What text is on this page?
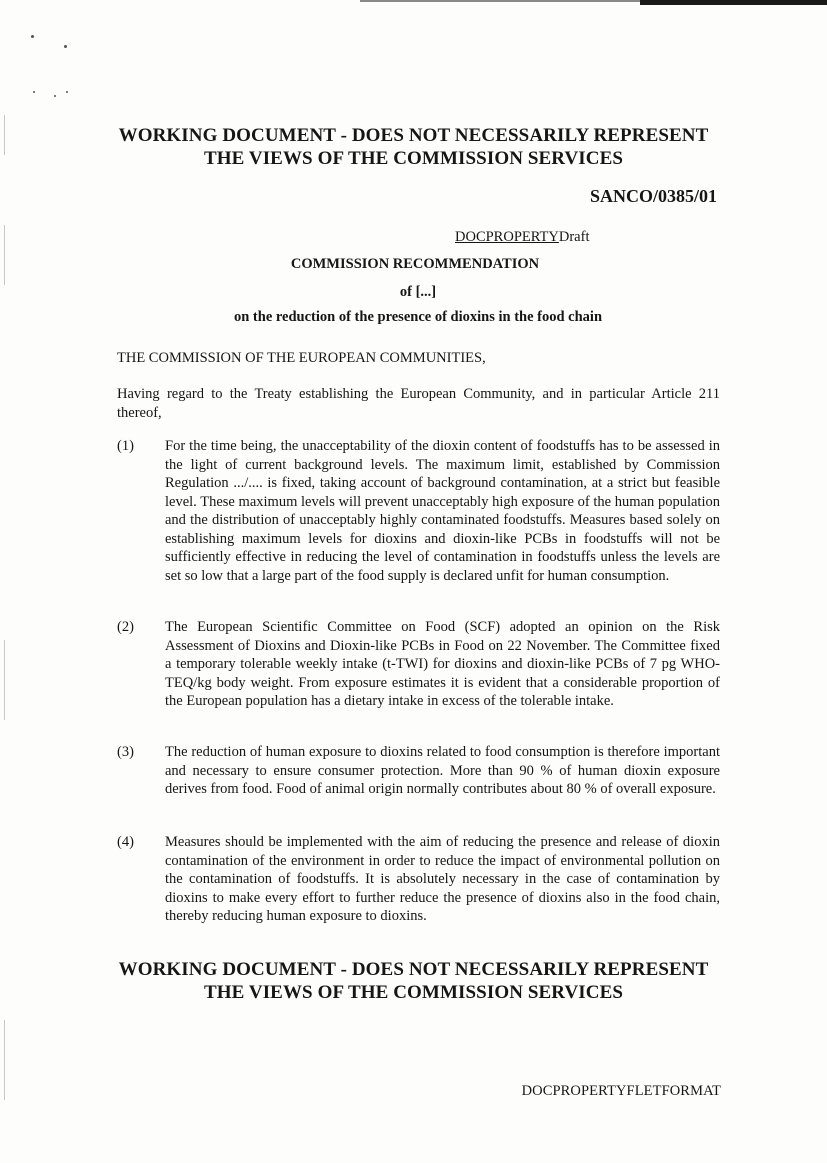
WORKING DOCUMENT - DOES NOT NECESSARILY REPRESENT
THE VIEWS OF THE COMMISSION SERVICES
SANCO/0385/01
DOCPROPERTYDraft
COMMISSION RECOMMENDATION
of [...]
on the reduction of the presence of dioxins in the food chain
THE COMMISSION OF THE EUROPEAN COMMUNITIES,
Having regard to the Treaty establishing the European Community, and in particular Article 211 thereof,
(1) For the time being, the unacceptability of the dioxin content of foodstuffs has to be assessed in the light of current background levels. The maximum limit, established by Commission Regulation .../.... is fixed, taking account of background contamination, at a strict but feasible level. These maximum levels will prevent unacceptably high exposure of the human population and the distribution of unacceptably highly contaminated foodstuffs. Measures based solely on establishing maximum levels for dioxins and dioxin-like PCBs in foodstuffs will not be sufficiently effective in reducing the level of contamination in foodstuffs unless the levels are set so low that a large part of the food supply is declared unfit for human consumption.
(2) The European Scientific Committee on Food (SCF) adopted an opinion on the Risk Assessment of Dioxins and Dioxin-like PCBs in Food on 22 November. The Committee fixed a temporary tolerable weekly intake (t-TWI) for dioxins and dioxin-like PCBs of 7 pg WHO-TEQ/kg body weight. From exposure estimates it is evident that a considerable proportion of the European population has a dietary intake in excess of the tolerable intake.
(3) The reduction of human exposure to dioxins related to food consumption is therefore important and necessary to ensure consumer protection. More than 90 % of human dioxin exposure derives from food. Food of animal origin normally contributes about 80 % of overall exposure.
(4) Measures should be implemented with the aim of reducing the presence and release of dioxin contamination of the environment in order to reduce the impact of environmental pollution on the contamination of foodstuffs. It is absolutely necessary in the case of contamination by dioxins to make every effort to further reduce the presence of dioxins also in the food chain, thereby reducing human exposure to dioxins.
WORKING DOCUMENT - DOES NOT NECESSARILY REPRESENT
THE VIEWS OF THE COMMISSION SERVICES
DOCPROPERTYFLETFORMAT
